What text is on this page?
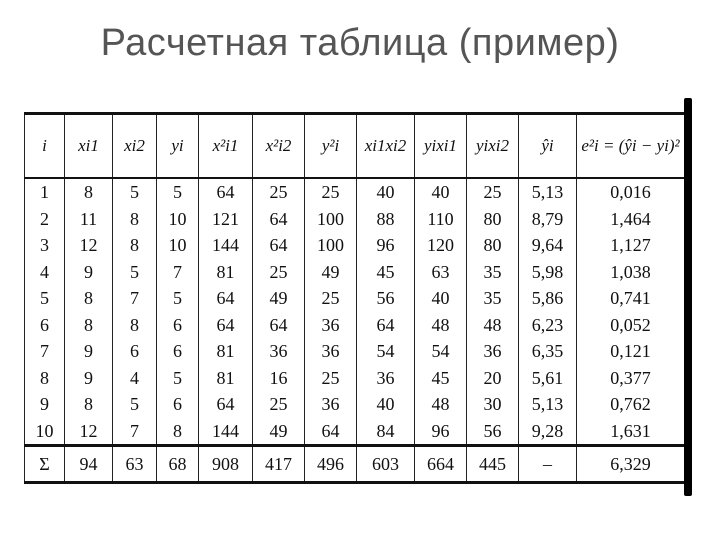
Расчетная таблица (пример)
i	xi1	xi2	yi	x²i1	x²i2	y²i	xi1xi2	yixi1	yixi2	ŷi	e²i = (ŷi − yi)²
1	8	5	5	64	25	25	40	40	25	5,13	0,016
2	11	8	10	121	64	100	88	110	80	8,79	1,464
3	12	8	10	144	64	100	96	120	80	9,64	1,127
4	9	5	7	81	25	49	45	63	35	5,98	1,038
5	8	7	5	64	49	25	56	40	35	5,86	0,741
6	8	8	6	64	64	36	64	48	48	6,23	0,052
7	9	6	6	81	36	36	54	54	36	6,35	0,121
8	9	4	5	81	16	25	36	45	20	5,61	0,377
9	8	5	6	64	25	36	40	48	30	5,13	0,762
10	12	7	8	144	49	64	84	96	56	9,28	1,631
Σ	94	63	68	908	417	496	603	664	445	–	6,329
